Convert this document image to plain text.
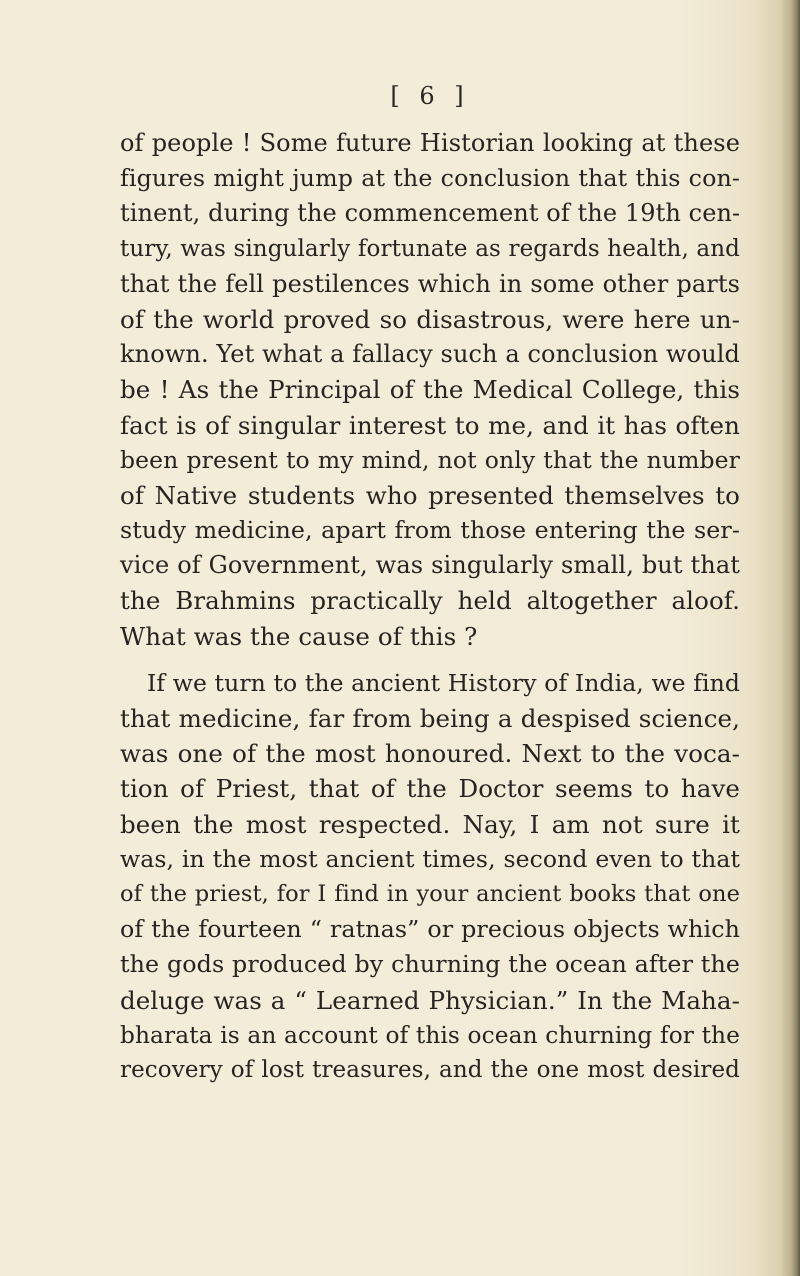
[ 6 ]
of people ! Some future Historian looking at these
figures might jump at the conclusion that this con-
tinent, during the commencement of the 19th cen-
tury, was singularly fortunate as regards health, and
that the fell pestilences which in some other parts
of the world proved so disastrous, were here un-
known. Yet what a fallacy such a conclusion would
be ! As the Principal of the Medical College, this
fact is of singular interest to me, and it has often
been present to my mind, not only that the number
of Native students who presented themselves to
study medicine, apart from those entering the ser-
vice of Government, was singularly small, but that
the Brahmins practically held altogether aloof.
What was the cause of this ?
If we turn to the ancient History of India, we find
that medicine, far from being a despised science,
was one of the most honoured. Next to the voca-
tion of Priest, that of the Doctor seems to have
been the most respected. Nay, I am not sure it
was, in the most ancient times, second even to that
of the priest, for I find in your ancient books that one
of the fourteen “ ratnas” or precious objects which
the gods produced by churning the ocean after the
deluge was a “ Learned Physician.” In the Maha-
bharata is an account of this ocean churning for the
recovery of lost treasures, and the one most desired
